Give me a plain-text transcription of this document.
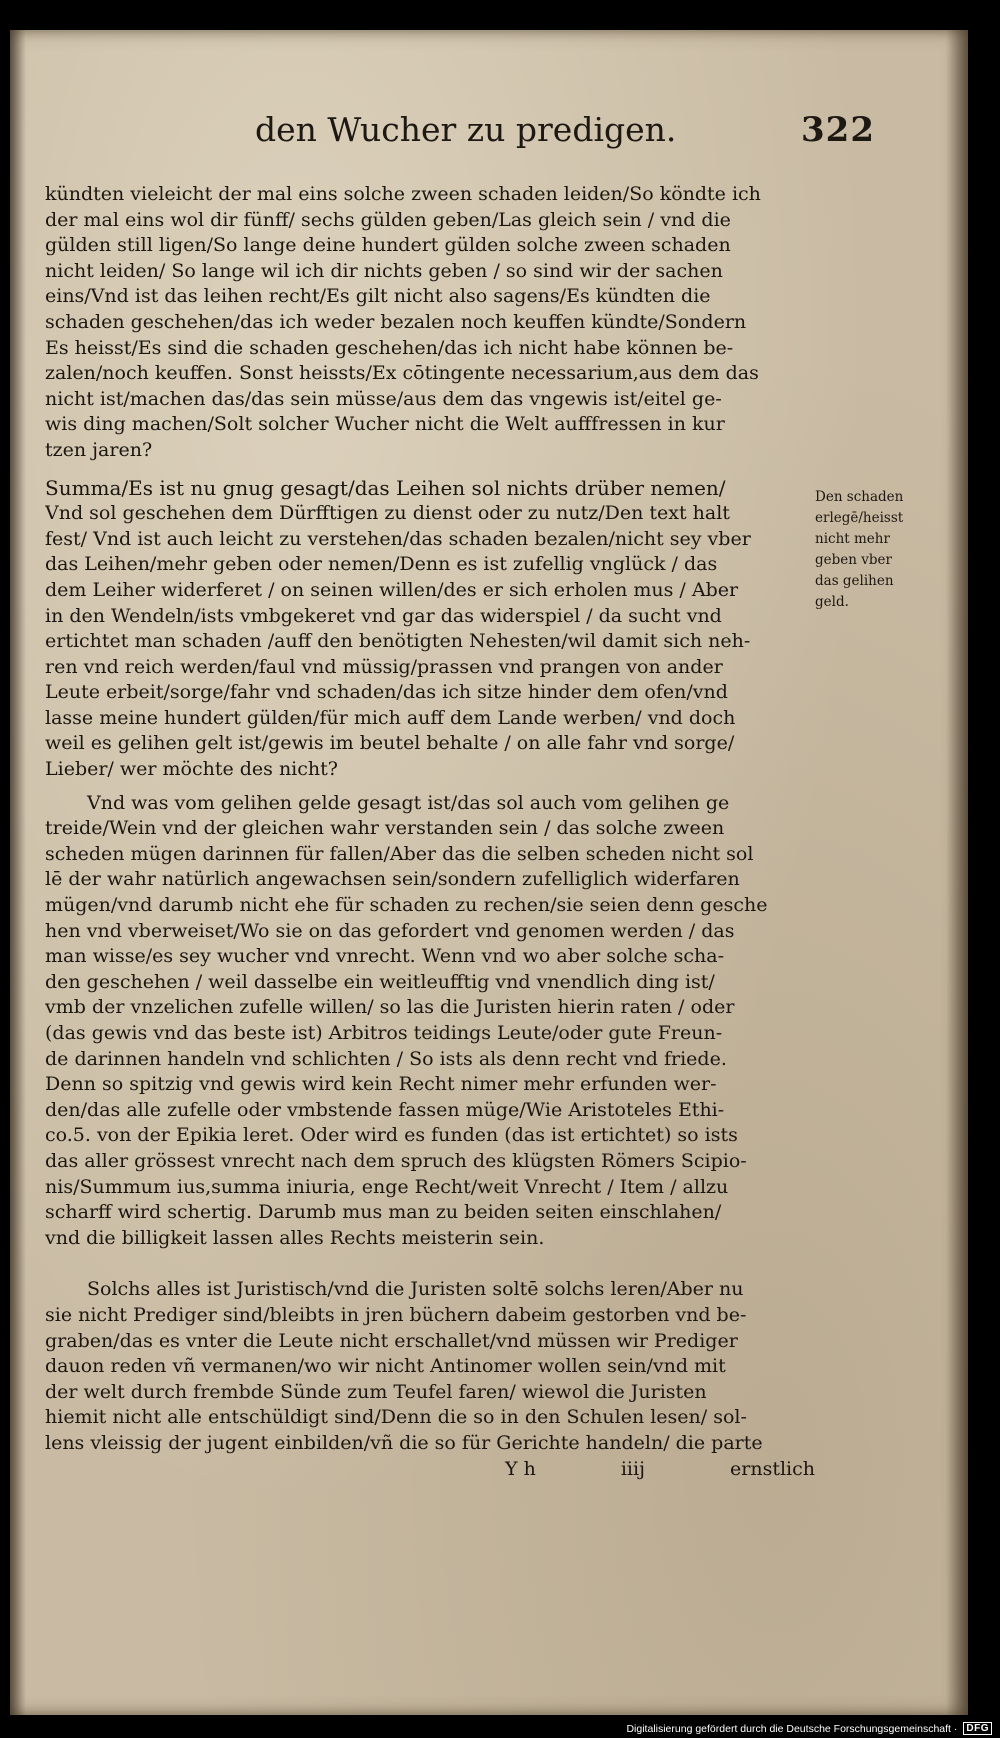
den Wucher zu predigen.	322
kündten vieleicht der mal eins solche zween schaden leiden/So köndte ich
der mal eins wol dir fünff/ sechs gülden geben/Las gleich sein / vnd die
gülden still ligen/So lange deine hundert gülden solche zween schaden
nicht leiden/ So lange wil ich dir nichts geben / so sind wir der sachen
eins/Vnd ist das leihen recht/Es gilt nicht also sagens/Es kündten die
schaden geschehen/das ich weder bezalen noch keuffen kündte/Sondern
Es heisst/Es sind die schaden geschehen/das ich nicht habe können be-
zalen/noch keuffen. Sonst heissts/Ex cōtingente necessarium,aus dem das
nicht ist/machen das/das sein müsse/aus dem das vngewis ist/eitel ge-
wis ding machen/Solt solcher Wucher nicht die Welt aufffressen in kur
tzen jaren?
Summa/Es ist nu gnug gesagt/das Leihen sol nichts drüber nemen/
Vnd sol geschehen dem Dürfftigen zu dienst oder zu nutz/Den text halt
fest/ Vnd ist auch leicht zu verstehen/das schaden bezalen/nicht sey vber
das Leihen/mehr geben oder nemen/Denn es ist zufellig vnglück / das
dem Leiher widerferet / on seinen willen/des er sich erholen mus / Aber
in den Wendeln/ists vmbgekeret vnd gar das widerspiel / da sucht vnd
ertichtet man schaden /auff den benötigten Nehesten/wil damit sich neh-
ren vnd reich werden/faul vnd müssig/prassen vnd prangen von ander
Leute erbeit/sorge/fahr vnd schaden/das ich sitze hinder dem ofen/vnd
lasse meine hundert gülden/für mich auff dem Lande werben/ vnd doch
weil es gelihen gelt ist/gewis im beutel behalte / on alle fahr vnd sorge/
Lieber/ wer möchte des nicht?
Vnd was vom gelihen gelde gesagt ist/das sol auch vom gelihen ge
treide/Wein vnd der gleichen wahr verstanden sein / das solche zween
scheden mügen darinnen für fallen/Aber das die selben scheden nicht sol
lē der wahr natürlich angewachsen sein/sondern zufelliglich widerfaren
mügen/vnd darumb nicht ehe für schaden zu rechen/sie seien denn gesche
hen vnd vberweiset/Wo sie on das gefordert vnd genomen werden / das
man wisse/es sey wucher vnd vnrecht. Wenn vnd wo aber solche scha-
den geschehen / weil dasselbe ein weitleufftig vnd vnendlich ding ist/
vmb der vnzelichen zufelle willen/ so las die Juristen hierin raten / oder
(das gewis vnd das beste ist) Arbitros teidings Leute/oder gute Freun-
de darinnen handeln vnd schlichten / So ists als denn recht vnd friede.
Denn so spitzig vnd gewis wird kein Recht nimer mehr erfunden wer-
den/das alle zufelle oder vmbstende fassen müge/Wie Aristoteles Ethi-
co.5. von der Epikia leret. Oder wird es funden (das ist ertichtet) so ists
das aller grössest vnrecht nach dem spruch des klügsten Römers Scipio-
nis/Summum ius,summa iniuria, enge Recht/weit Vnrecht / Item / allzu
scharff wird schertig. Darumb mus man zu beiden seiten einschlahen/
vnd die billigkeit lassen alles Rechts meisterin sein.
Solchs alles ist Juristisch/vnd die Juristen soltē solchs leren/Aber nu
sie nicht Prediger sind/bleibts in jren büchern dabeim gestorben vnd be-
graben/das es vnter die Leute nicht erschallet/vnd müssen wir Prediger
dauon reden vñ vermanen/wo wir nicht Antinomer wollen sein/vnd mit
der welt durch frembde Sünde zum Teufel faren/ wiewol die Juristen
hiemit nicht alle entschüldigt sind/Denn die so in den Schulen lesen/ sol-
lens vleissig der jugent einbilden/vñ die so für Gerichte handeln/ die parte
Y h	iiij	ernstlich
Den schaden
erlegē/heisst
nicht mehr
geben vber
das gelihen
geld.
Digitalisierung gefördert durch die Deutsche Forschungsgemeinschaft · DFG
